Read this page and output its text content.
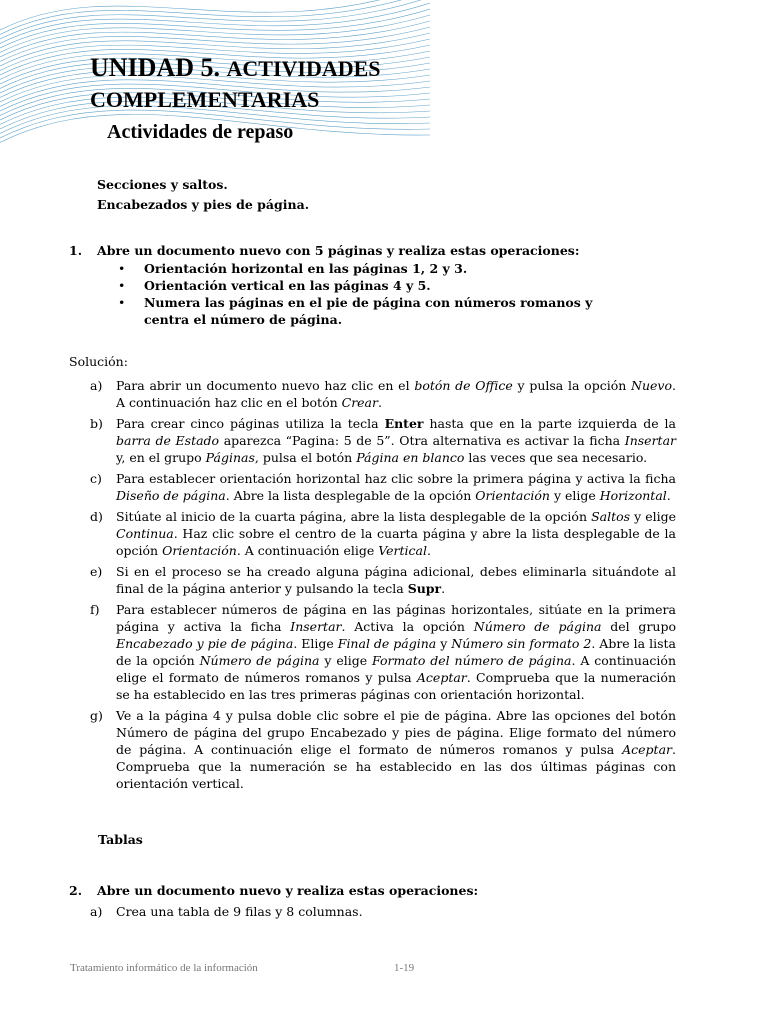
UNIDAD 5. ACTIVIDADES
COMPLEMENTARIAS
Actividades de repaso
Secciones y saltos.
Encabezados y pies de página.
1. Abre un documento nuevo con 5 páginas y realiza estas operaciones:
• Orientación horizontal en las páginas 1, 2 y 3.
• Orientación vertical en las páginas 4 y 5.
• Numera las páginas en el pie de página con números romanos y centra el número de página.
Solución:
a) Para abrir un documento nuevo haz clic en el botón de Office y pulsa la opción Nuevo. A continuación haz clic en el botón Crear.
b) Para crear cinco páginas utiliza la tecla Enter hasta que en la parte izquierda de la barra de Estado aparezca “Pagina: 5 de 5”. Otra alternativa es activar la ficha Insertar y, en el grupo Páginas, pulsa el botón Página en blanco las veces que sea necesario.
c) Para establecer orientación horizontal haz clic sobre la primera página y activa la ficha Diseño de página. Abre la lista desplegable de la opción Orientación y elige Horizontal.
d) Sitúate al inicio de la cuarta página, abre la lista desplegable de la opción Saltos y elige Continua. Haz clic sobre el centro de la cuarta página y abre la lista desplegable de la opción Orientación. A continuación elige Vertical.
e) Si en el proceso se ha creado alguna página adicional, debes eliminarla situándote al final de la página anterior y pulsando la tecla Supr.
f) Para establecer números de página en las páginas horizontales, sitúate en la primera página y activa la ficha Insertar. Activa la opción Número de página del grupo Encabezado y pie de página. Elige Final de página y Número sin formato 2. Abre la lista de la opción Número de página y elige Formato del número de página. A continuación elige el formato de números romanos y pulsa Aceptar. Comprueba que la numeración se ha establecido en las tres primeras páginas con orientación horizontal.
g) Ve a la página 4 y pulsa doble clic sobre el pie de página. Abre las opciones del botón Número de página del grupo Encabezado y pies de página. Elige formato del número de página. A continuación elige el formato de números romanos y pulsa Aceptar. Comprueba que la numeración se ha establecido en las dos últimas páginas con orientación vertical.
Tablas
2. Abre un documento nuevo y realiza estas operaciones:
a) Crea una tabla de 9 filas y 8 columnas.
Tratamiento informático de la información	1-19
